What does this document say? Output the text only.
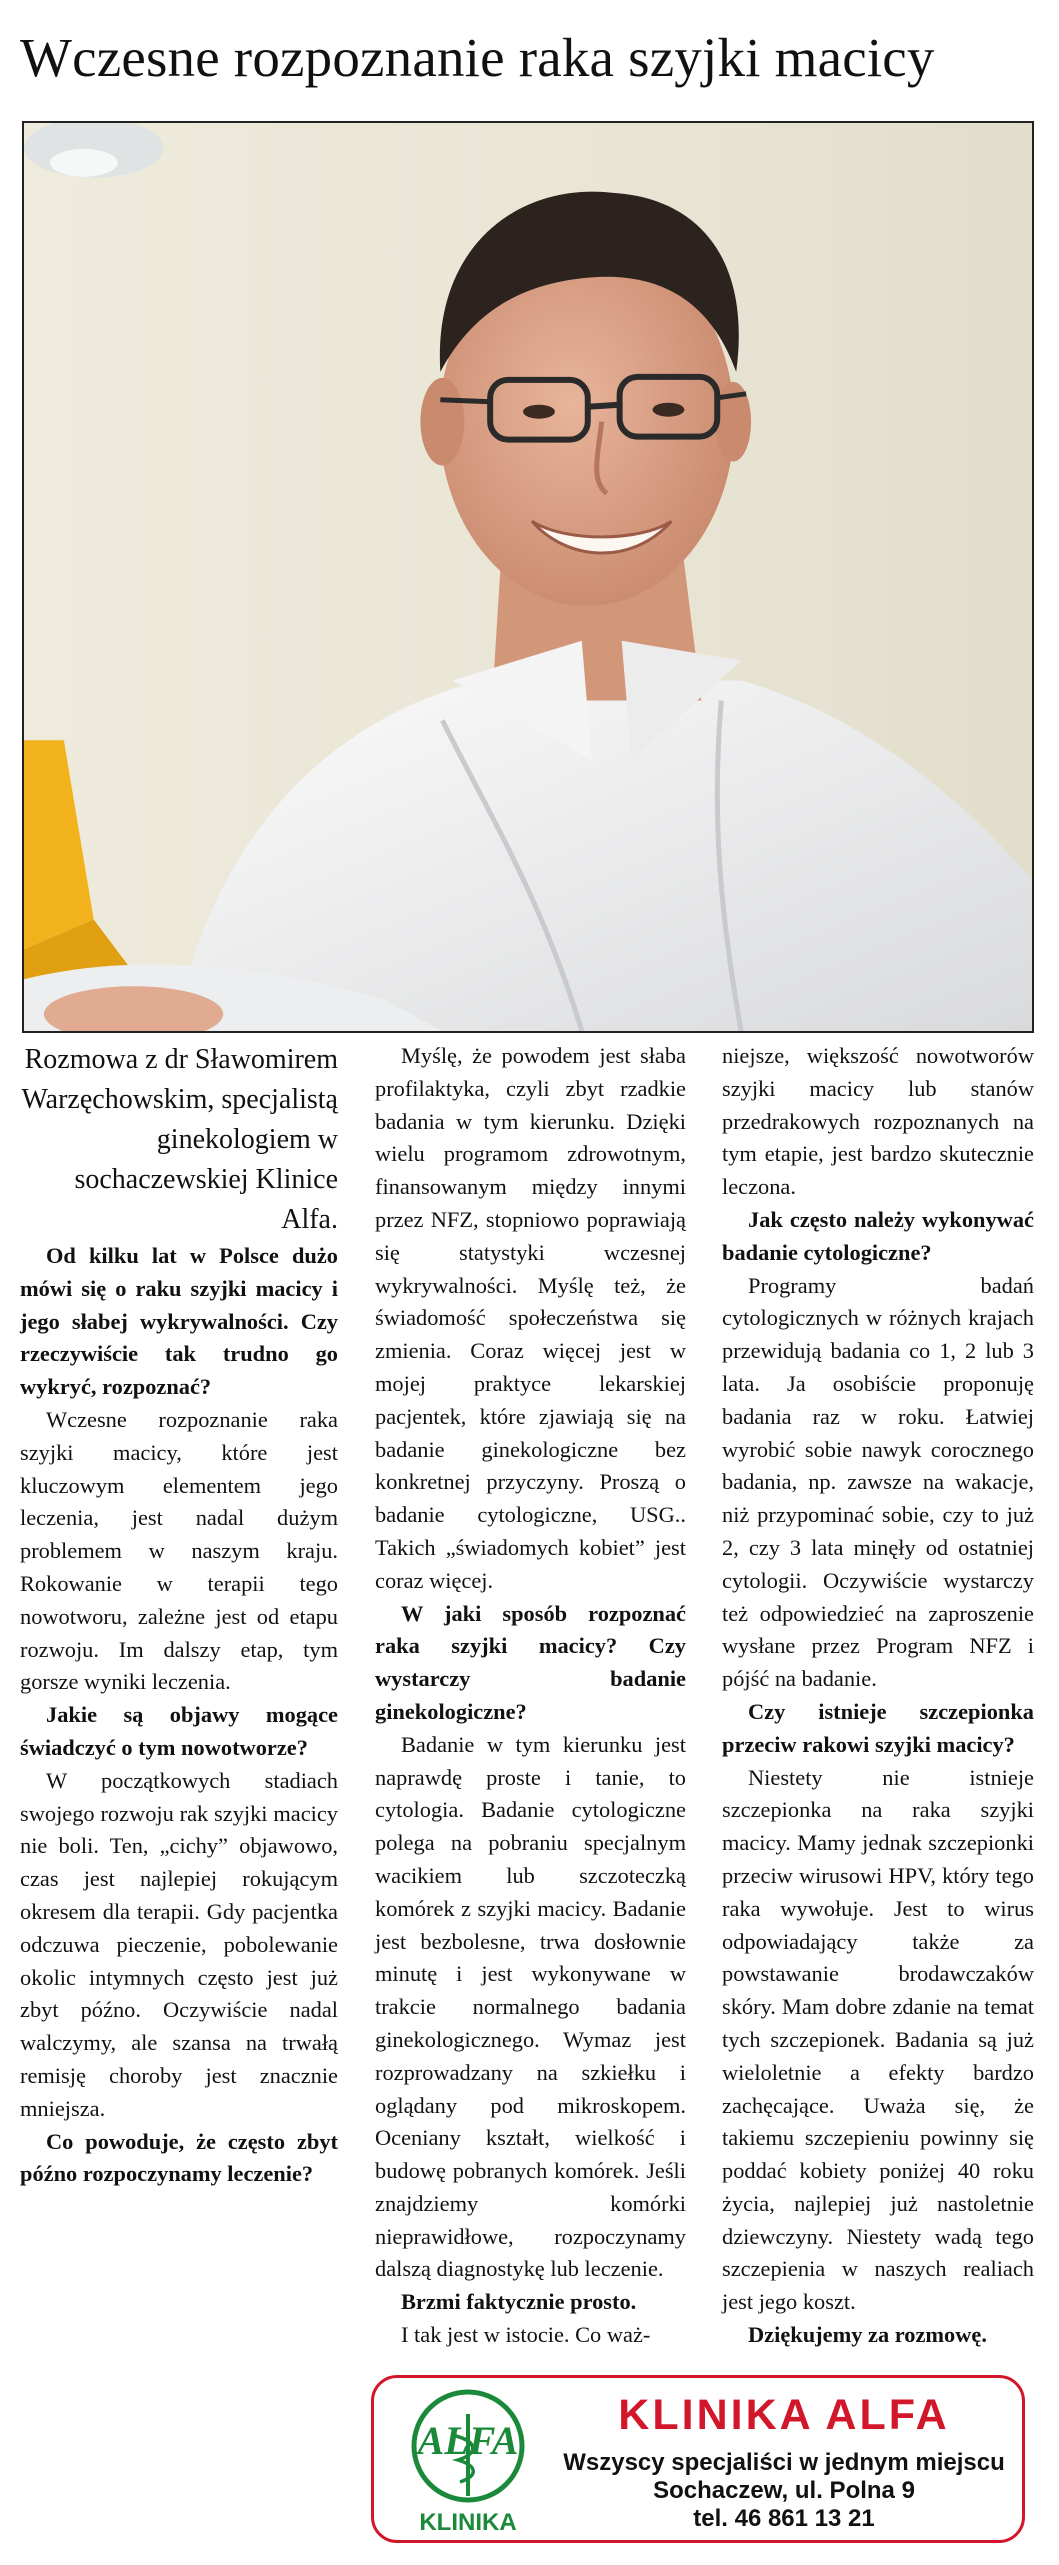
Wczesne rozpoznanie raka szyjki macicy

Rozmowa z dr Sławomirem Warzęchowskim, specjalistą ginekologiem w sochaczewskiej Klinice Alfa.

Od kilku lat w Polsce dużo mówi się o raku szyjki macicy i jego słabej wykrywalności. Czy rzeczywiście tak trudno go wykryć, rozpoznać?

Wczesne rozpoznanie raka szyjki macicy, które jest kluczowym elementem jego leczenia, jest nadal dużym problemem w naszym kraju. Rokowanie w terapii tego nowotworu, zależne jest od etapu rozwoju. Im dalszy etap, tym gorsze wyniki leczenia.

Jakie są objawy mogące świadczyć o tym nowotworze?

W początkowych stadiach swojego rozwoju rak szyjki macicy nie boli. Ten, „cichy” objawowo, czas jest najlepiej rokującym okresem dla terapii. Gdy pacjentka odczuwa pieczenie, pobolewanie okolic intymnych często jest już zbyt późno. Oczywiście nadal walczymy, ale szansa na trwałą remisję choroby jest znacznie mniejsza.

Co powoduje, że często zbyt późno rozpoczynamy leczenie?

Myślę, że powodem jest słaba profilaktyka, czyli zbyt rzadkie badania w tym kierunku. Dzięki wielu programom zdrowotnym, finansowanym między innymi przez NFZ, stopniowo poprawiają się statystyki wczesnej wykrywalności. Myślę też, że świadomość społeczeństwa się zmienia. Coraz więcej jest w mojej praktyce lekarskiej pacjentek, które zjawiają się na badanie ginekologiczne bez konkretnej przyczyny. Proszą o badanie cytologiczne, USG.. Takich „świadomych kobiet” jest coraz więcej.

W jaki sposób rozpoznać raka szyjki macicy? Czy wystarczy badanie ginekologiczne?

Badanie w tym kierunku jest naprawdę proste i tanie, to cytologia. Badanie cytologiczne polega na pobraniu specjalnym wacikiem lub szczoteczką komórek z szyjki macicy. Badanie jest bezbolesne, trwa dosłownie minutę i jest wykonywane w trakcie normalnego badania ginekologicznego. Wymaz jest rozprowadzany na szkiełku i oglądany pod mikroskopem. Oceniany kształt, wielkość i budowę pobranych komórek. Jeśli znajdziemy komórki nieprawidłowe, rozpoczynamy dalszą diagnostykę lub leczenie.

Brzmi faktycznie prosto.

I tak jest w istocie. Co waż-

niejsze, większość nowotworów szyjki macicy lub stanów przedrakowych rozpoznanych na tym etapie, jest bardzo skutecznie leczona.

Jak często należy wykonywać badanie cytologiczne?

Programy badań cytologicznych w różnych krajach przewidują badania co 1, 2 lub 3 lata. Ja osobiście proponuję badania raz w roku. Łatwiej wyrobić sobie nawyk corocznego badania, np. zawsze na wakacje, niż przypominać sobie, czy to już 2, czy 3 lata minęły od ostatniej cytologii. Oczywiście wystarczy też odpowiedzieć na zaproszenie wysłane przez Program NFZ i pójść na badanie.

Czy istnieje szczepionka przeciw rakowi szyjki macicy?

Niestety nie istnieje szczepionka na raka szyjki macicy. Mamy jednak szczepionki przeciw wirusowi HPV, który tego raka wywołuje. Jest to wirus odpowiadający także za powstawanie brodawczaków skóry. Mam dobre zdanie na temat tych szczepionek. Badania są już wieloletnie a efekty bardzo zachęcające. Uważa się, że takiemu szczepieniu powinny się poddać kobiety poniżej 40 roku życia, najlepiej już nastoletnie dziewczyny. Niestety wadą tego szczepienia w naszych realiach jest jego koszt.

Dziękujemy za rozmowę.

ALFA
KLINIKA
KLINIKA ALFA
Wszyscy specjaliści w jednym miejscu
Sochaczew, ul. Polna 9
tel. 46 861 13 21
